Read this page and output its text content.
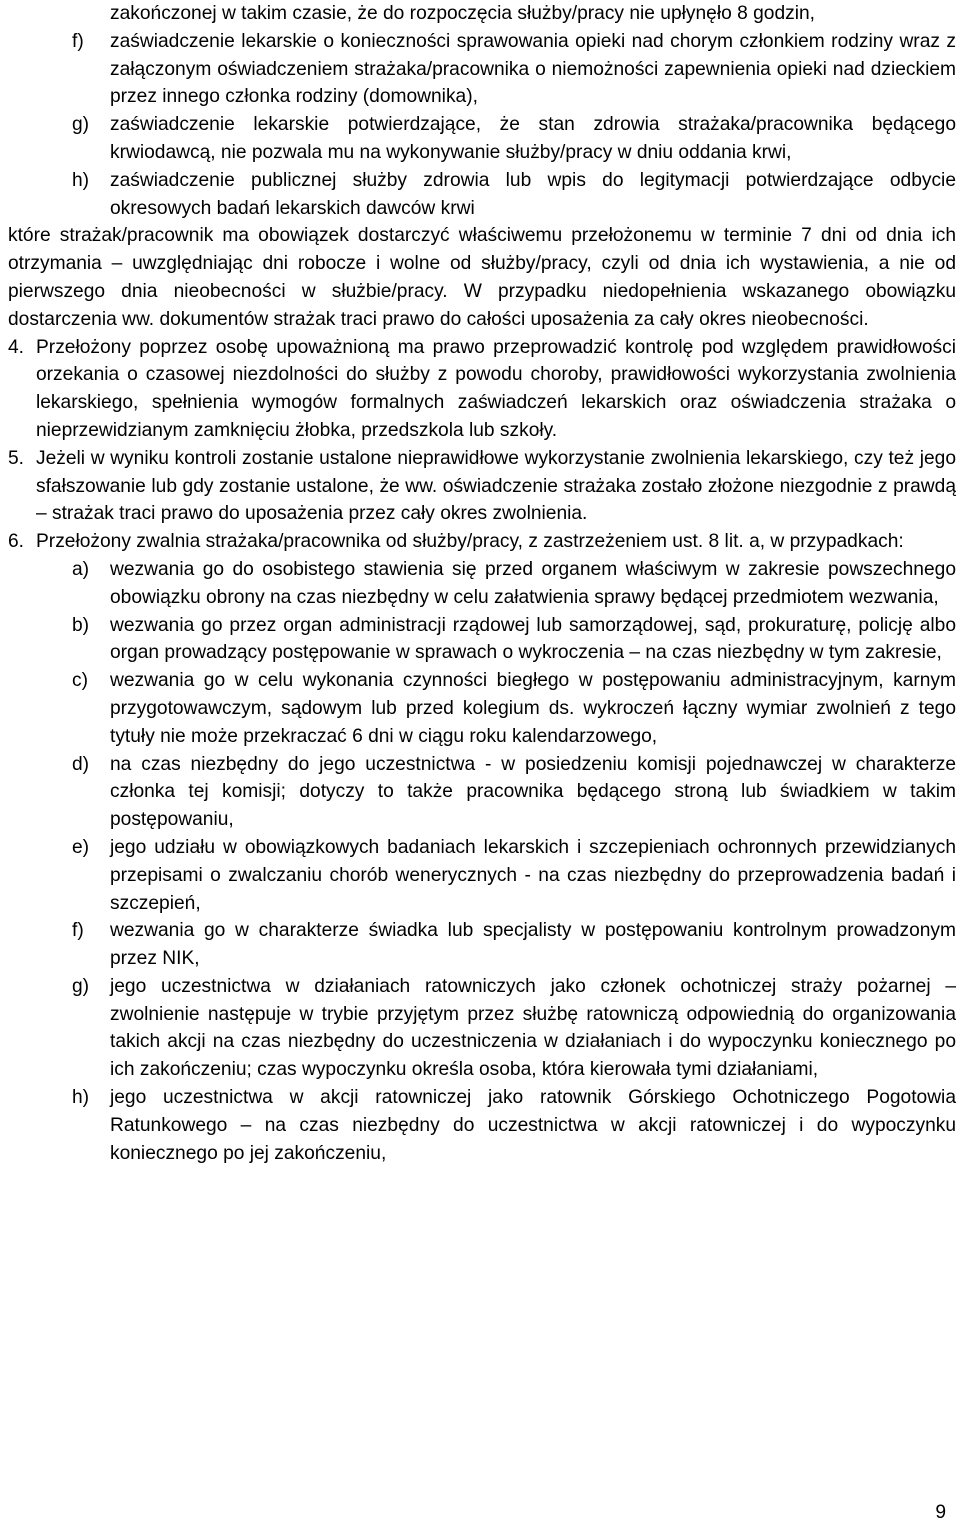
zakończonej w takim czasie, że do rozpoczęcia służby/pracy nie upłynęło 8 godzin,

f) zaświadczenie lekarskie o konieczności sprawowania opieki nad chorym członkiem rodziny wraz z załączonym oświadczeniem strażaka/pracownika o niemożności zapewnienia opieki nad dzieckiem przez innego członka rodziny (domownika),

g) zaświadczenie lekarskie potwierdzające, że stan zdrowia strażaka/pracownika będącego krwiodawcą, nie pozwala mu na wykonywanie służby/pracy w dniu oddania krwi,

h) zaświadczenie publicznej służby zdrowia lub wpis do legitymacji potwierdzające odbycie okresowych badań lekarskich dawców krwi

które strażak/pracownik ma obowiązek dostarczyć właściwemu przełożonemu w terminie 7 dni od dnia ich otrzymania – uwzględniając dni robocze i wolne od służby/pracy, czyli od dnia ich wystawienia, a nie od pierwszego dnia nieobecności w służbie/pracy. W przypadku niedopełnienia wskazanego obowiązku dostarczenia ww. dokumentów strażak traci prawo do całości uposażenia za cały okres nieobecności.

4. Przełożony poprzez osobę upoważnioną ma prawo przeprowadzić kontrolę pod względem prawidłowości orzekania o czasowej niezdolności do służby z powodu choroby, prawidłowości wykorzystania zwolnienia lekarskiego, spełnienia wymogów formalnych zaświadczeń lekarskich oraz oświadczenia strażaka o nieprzewidzianym zamknięciu żłobka, przedszkola lub szkoły.

5. Jeżeli w wyniku kontroli zostanie ustalone nieprawidłowe wykorzystanie zwolnienia lekarskiego, czy też jego sfałszowanie lub gdy zostanie ustalone, że ww. oświadczenie strażaka zostało złożone niezgodnie z prawdą – strażak traci prawo do uposażenia przez cały okres zwolnienia.

6. Przełożony zwalnia strażaka/pracownika od służby/pracy, z zastrzeżeniem ust. 8 lit. a, w przypadkach:

a) wezwania go do osobistego stawienia się przed organem właściwym w zakresie powszechnego obowiązku obrony na czas niezbędny w celu załatwienia sprawy będącej przedmiotem wezwania,

b) wezwania go przez organ administracji rządowej lub samorządowej, sąd, prokuraturę, policję albo organ prowadzący postępowanie w sprawach o wykroczenia – na czas niezbędny w tym zakresie,

c) wezwania go w celu wykonania czynności biegłego w postępowaniu administracyjnym, karnym przygotowawczym, sądowym lub przed kolegium ds. wykroczeń łączny wymiar zwolnień z tego tytuły nie może przekraczać 6 dni w ciągu roku kalendarzowego,

d) na czas niezbędny do jego uczestnictwa - w posiedzeniu komisji pojednawczej w charakterze członka tej komisji; dotyczy to także pracownika będącego stroną lub świadkiem w takim postępowaniu,

e) jego udziału w obowiązkowych badaniach lekarskich i szczepieniach ochronnych przewidzianych przepisami o zwalczaniu chorób wenerycznych - na czas niezbędny do przeprowadzenia badań i szczepień,

f) wezwania go w charakterze świadka lub specjalisty w postępowaniu kontrolnym prowadzonym przez NIK,

g) jego uczestnictwa w działaniach ratowniczych jako członek ochotniczej straży pożarnej – zwolnienie następuje w trybie przyjętym przez służbę ratowniczą odpowiednią do organizowania takich akcji na czas niezbędny do uczestniczenia w działaniach i do wypoczynku koniecznego po ich zakończeniu; czas wypoczynku określa osoba, która kierowała tymi działaniami,

h) jego uczestnictwa w akcji ratowniczej jako ratownik Górskiego Ochotniczego Pogotowia Ratunkowego – na czas niezbędny do uczestnictwa w akcji ratowniczej i do wypoczynku koniecznego po jej zakończeniu,

9
